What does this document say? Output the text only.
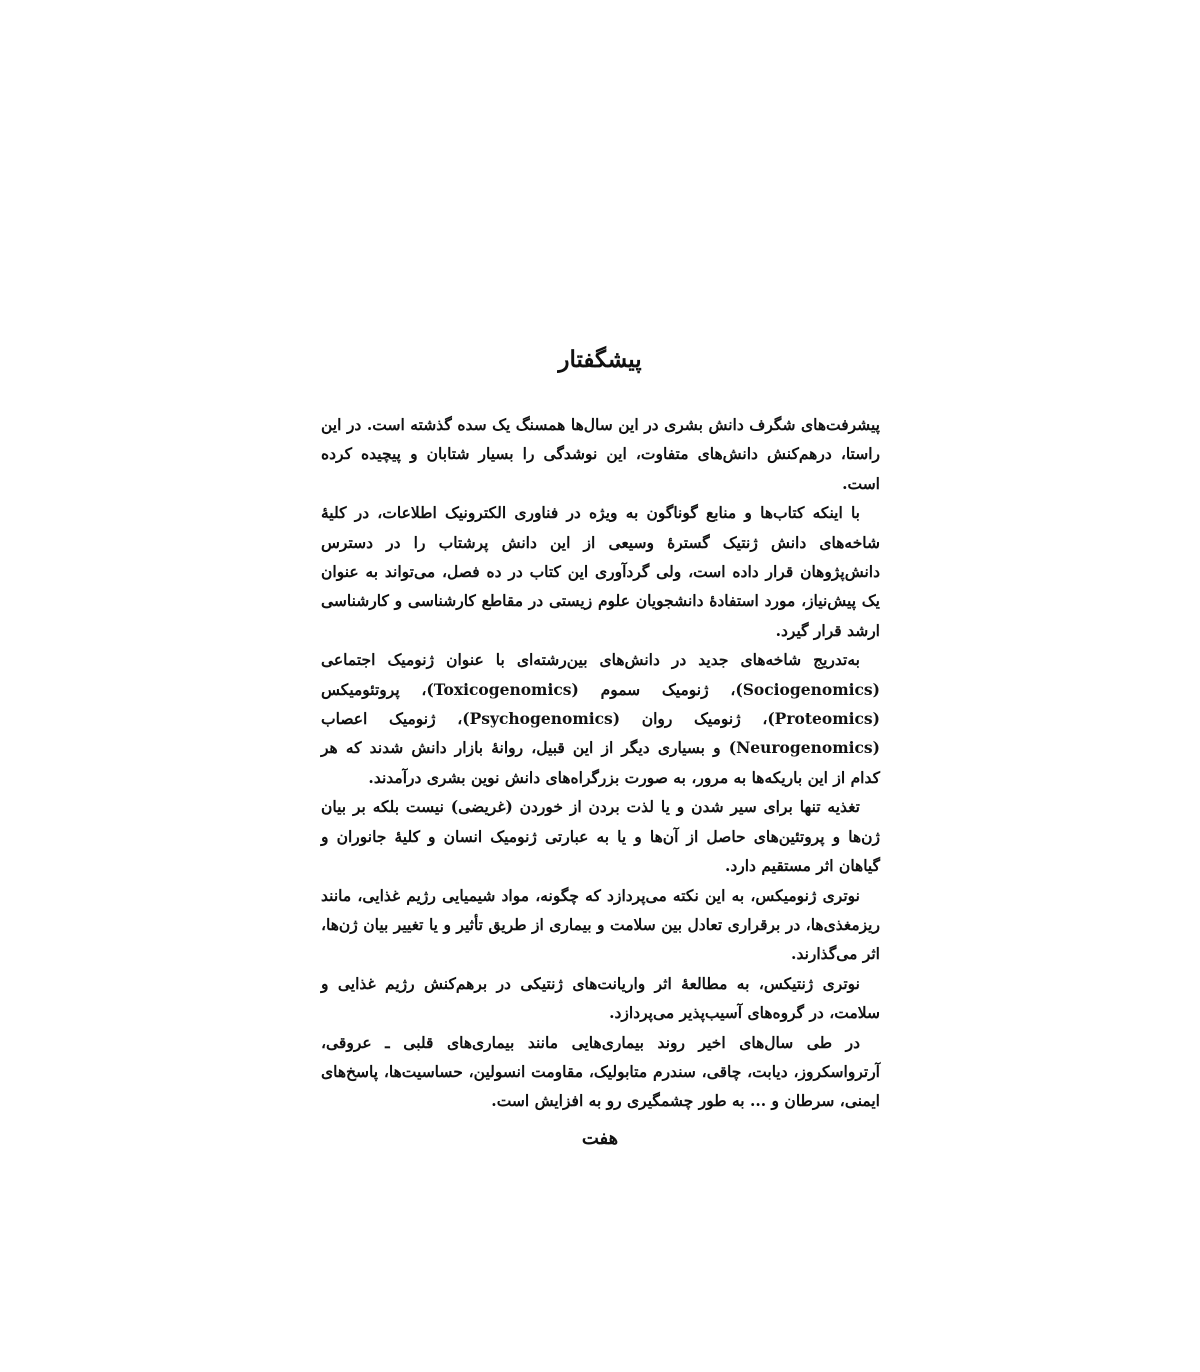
پیشگفتار

پیشرفت‌های شگرف دانش بشری در این سال‌ها همسنگ یک سده گذشته است. در این راستا، درهم‌کنش دانش‌های متفاوت، این نوشدگی را بسیار شتابان و پیچیده کرده است.

با اینکه کتاب‌ها و منابع گوناگون به ویژه در فناوری الکترونیک اطلاعات، در کلیهٔ شاخه‌های دانش ژنتیک گسترهٔ وسیعی از این دانش پرشتاب را در دسترس دانش‌پژوهان قرار داده است، ولی گردآوری این کتاب در ده فصل، می‌تواند به عنوان یک پیش‌نیاز، مورد استفادهٔ دانشجویان علوم زیستی در مقاطع کارشناسی و کارشناسی ارشد قرار گیرد.

به‌تدریج شاخه‌های جدید در دانش‌های بین‌رشته‌ای با عنوان ژنومیک اجتماعی (Sociogenomics)، ژنومیک سموم (Toxicogenomics)، پروتئومیکس (Proteomics)، ژنومیک روان (Psychogenomics)، ژنومیک اعصاب (Neurogenomics) و بسیاری دیگر از این قبیل، روانهٔ بازار دانش شدند که هر کدام از این باریکه‌ها به مرور، به صورت بزرگراه‌های دانش نوین بشری درآمدند.

تغذیه تنها برای سیر شدن و یا لذت بردن از خوردن (غریضی) نیست بلکه بر بیان ژن‌ها و پروتئین‌های حاصل از آن‌ها و یا به عبارتی ژنومیک انسان و کلیهٔ جانوران و گیاهان اثر مستقیم دارد.

نوتری ژنومیکس، به این نکته می‌پردازد که چگونه، مواد شیمیایی رژیم غذایی، مانند ریزمغذی‌ها، در برقراری تعادل بین سلامت و بیماری از طریق تأثیر و یا تغییر بیان ژن‌ها، اثر می‌گذارند.

نوتری ژنتیکس، به مطالعهٔ اثر واریانت‌های ژنتیکی در برهم‌کنش رژیم غذایی و سلامت، در گروه‌های آسیب‌پذیر می‌پردازد.

در طی سال‌های اخیر روند بیماری‌هایی مانند بیماری‌های قلبی ـ عروقی، آرترواسکروز، دیابت، چاقی، سندرم متابولیک، مقاومت انسولین، حساسیت‌ها، پاسخ‌های ایمنی، سرطان و ... به طور چشمگیری رو به افزایش است.

هفت
